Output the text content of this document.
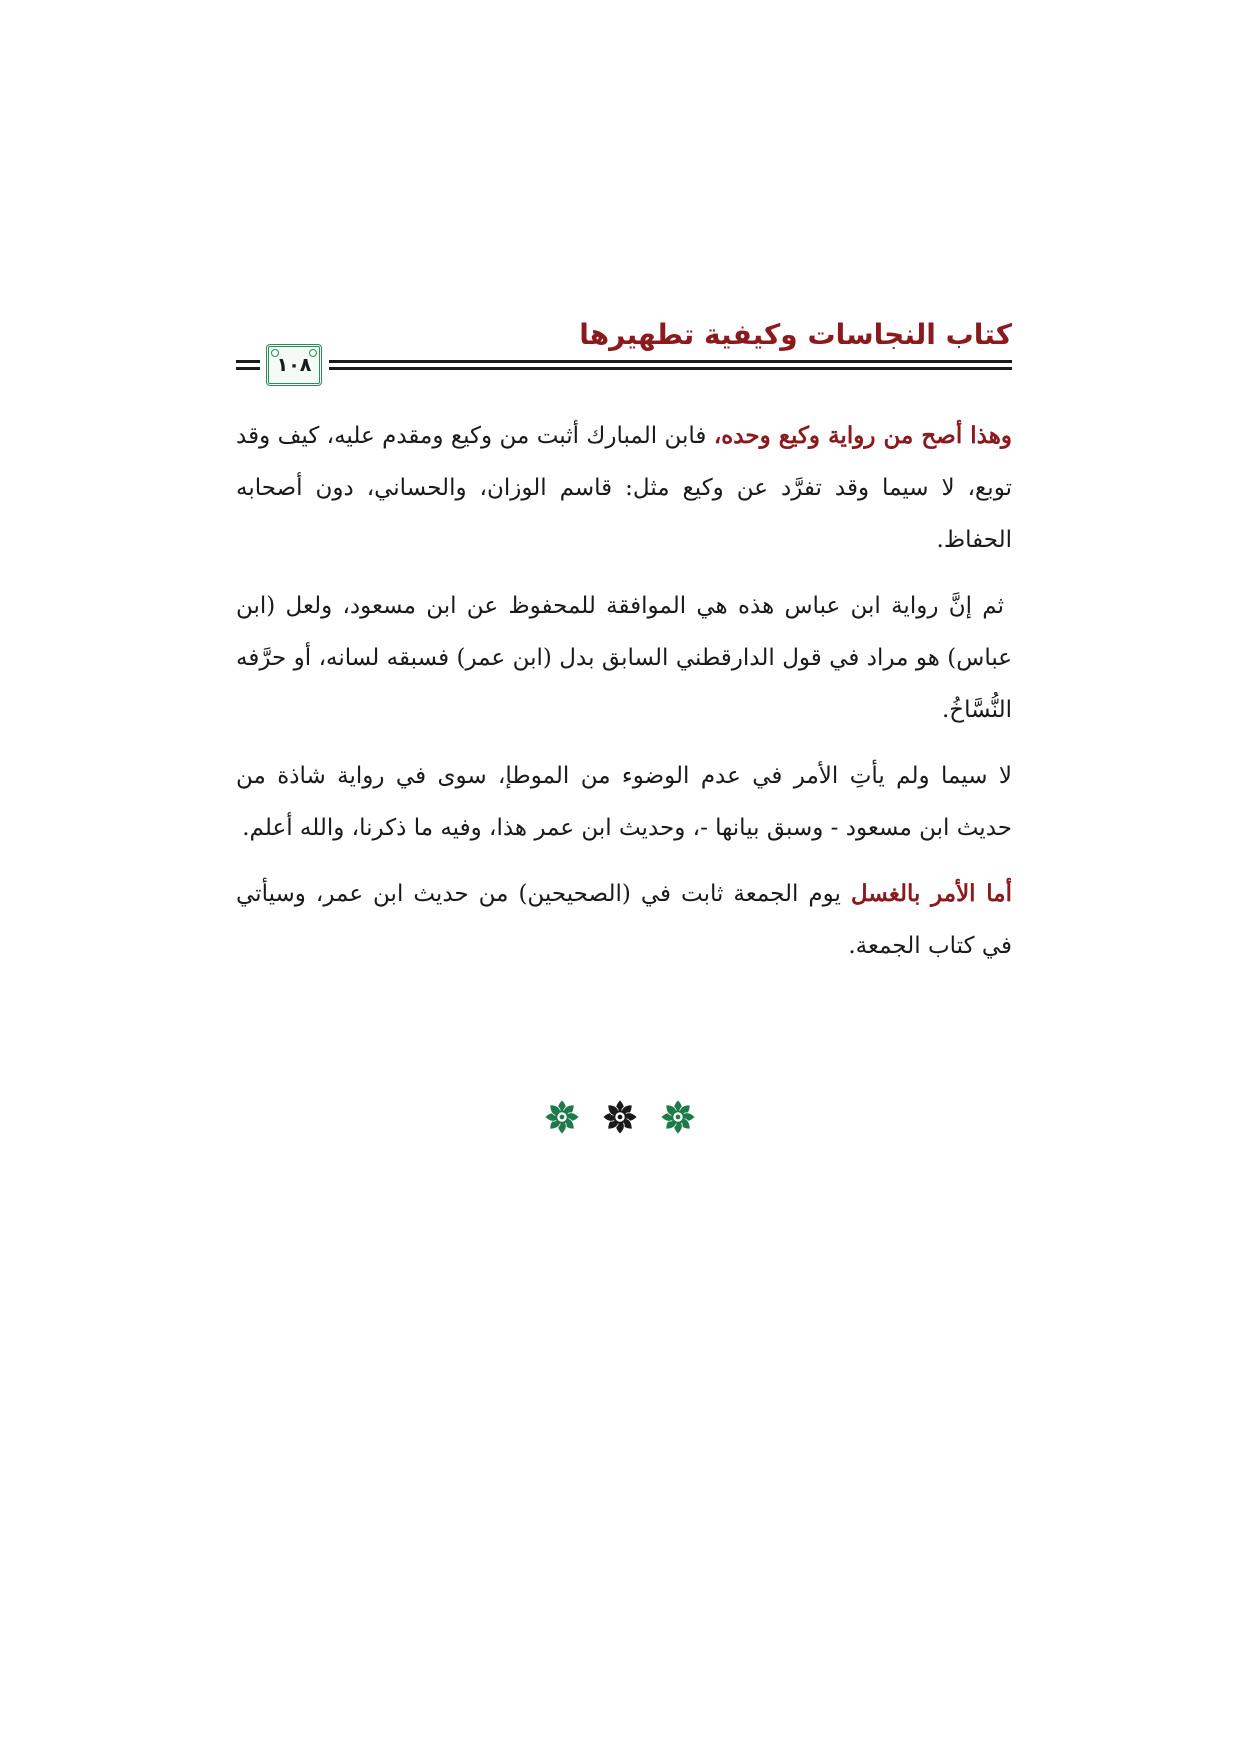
كتاب النجاسات وكيفية تطهيرها
١٠٨

وهذا أصح من رواية وكيع وحده، فابن المبارك أثبت من وكيع ومقدم عليه، كيف وقد توبع، لا سيما وقد تفرَّد عن وكيع مثل: قاسم الوزان، والحساني، دون أصحابه الحفاظ.

ثم إنَّ رواية ابن عباس هذه هي الموافقة للمحفوظ عن ابن مسعود، ولعل (ابن عباس) هو مراد في قول الدارقطني السابق بدل (ابن عمر) فسبقه لسانه، أو حرَّفه النُّسَّاخُ.

لا سيما ولم يأتِ الأمر في عدم الوضوء من الموطإ، سوى في رواية شاذة من حديث ابن مسعود - وسبق بيانها -، وحديث ابن عمر هذا، وفيه ما ذكرنا، والله أعلم.

أما الأمر بالغسل يوم الجمعة ثابت في (الصحيحين) من حديث ابن عمر، وسيأتي في كتاب الجمعة.
